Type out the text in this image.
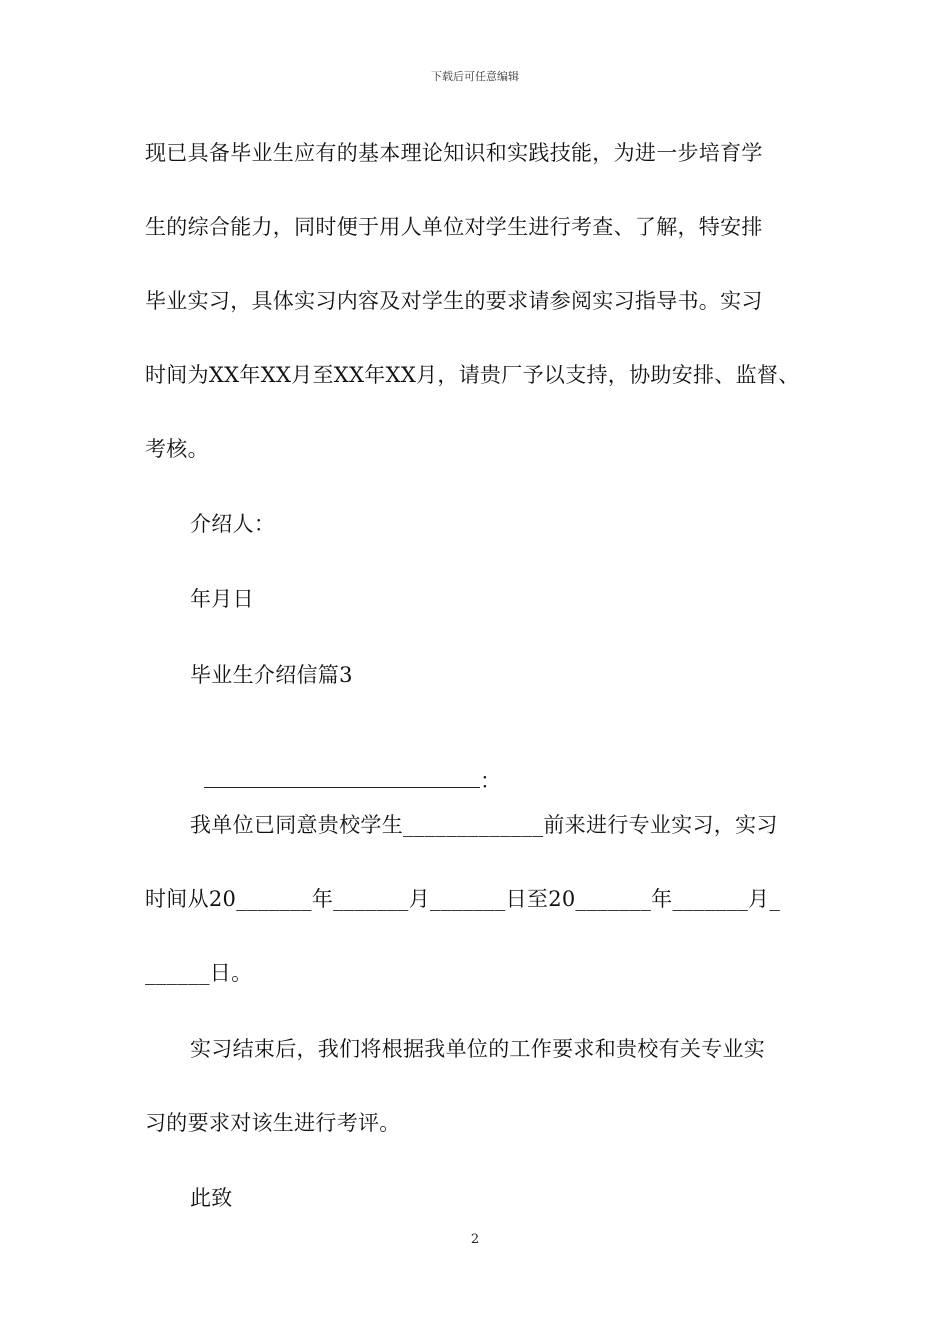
下载后可任意编辑
现已具备毕业生应有的基本理论知识和实践技能，为进一步培育学
生的综合能力，同时便于用人单位对学生进行考查、了解，特安排
毕业实习，具体实习内容及对学生的要求请参阅实习指导书。实习
时间为XX年XX月至XX年XX月，请贵厂予以支持，协助安排、监督、
考核。
介绍人：
年月日
毕业生介绍信篇3

：

我单位已同意贵校学生_____________前来进行专业实习，实习
时间从20_______年_______月_______日至20_______年_______月_
______日。
实习结束后，我们将根据我单位的工作要求和贵校有关专业实
习的要求对该生进行考评。
此致
2
